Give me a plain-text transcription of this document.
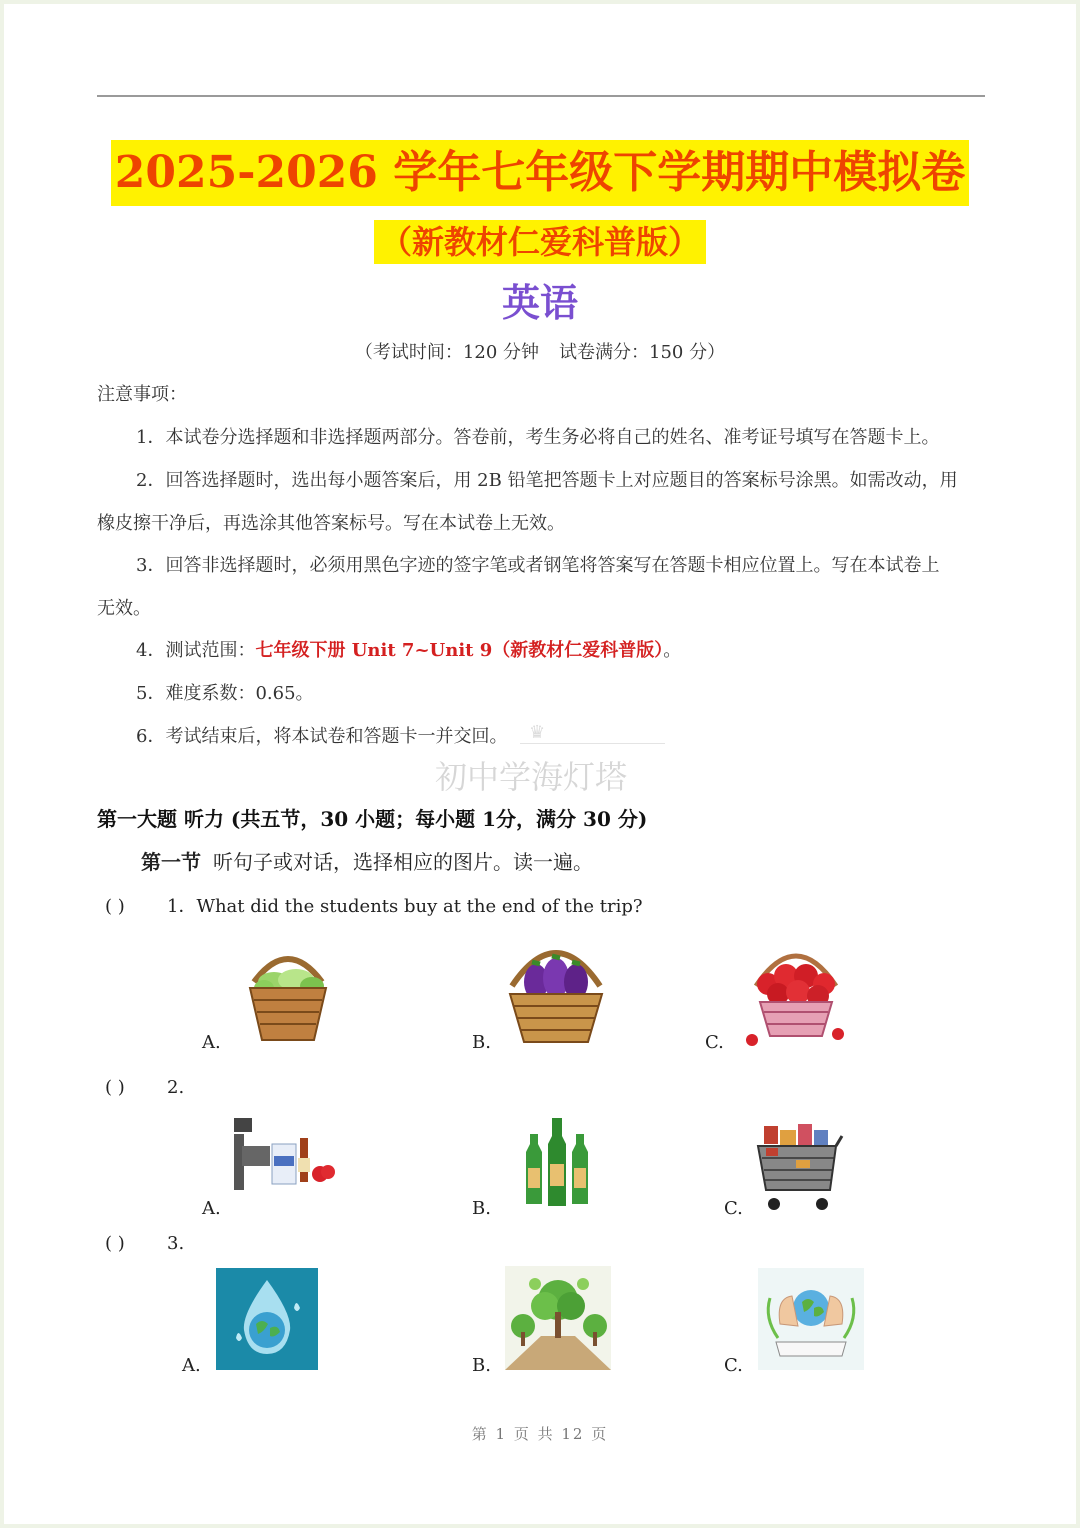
2025-2026 学年七年级下学期期中模拟卷
（新教材仁爱科普版）
英语
（考试时间：120 分钟 试卷满分：150 分）
注意事项：
1．本试卷分选择题和非选择题两部分。答卷前，考生务必将自己的姓名、准考证号填写在答题卡上。
2．回答选择题时，选出每小题答案后，用 2B 铅笔把答题卡上对应题目的答案标号涂黑。如需改动，用
橡皮擦干净后，再选涂其他答案标号。写在本试卷上无效。
3．回答非选择题时，必须用黑色字迹的签字笔或者钢笔将答案写在答题卡相应位置上。写在本试卷上
无效。
4．测试范围：七年级下册 Unit 7~Unit 9（新教材仁爱科普版）。
5．难度系数：0.65。
6．考试结束后，将本试卷和答题卡一并交回。 ♛
初中学海灯塔
第一大题 听力 (共五节，30 小题；每小题 1分，满分 30 分)
第一节 听句子或对话，选择相应的图片。读一遍。
( ) 1．What did the students buy at the end of the trip?
A.	B.	C.
( ) 2.
A.	B.	C.
( ) 3.
A.	B.	C.
第 1 页 共 12 页
